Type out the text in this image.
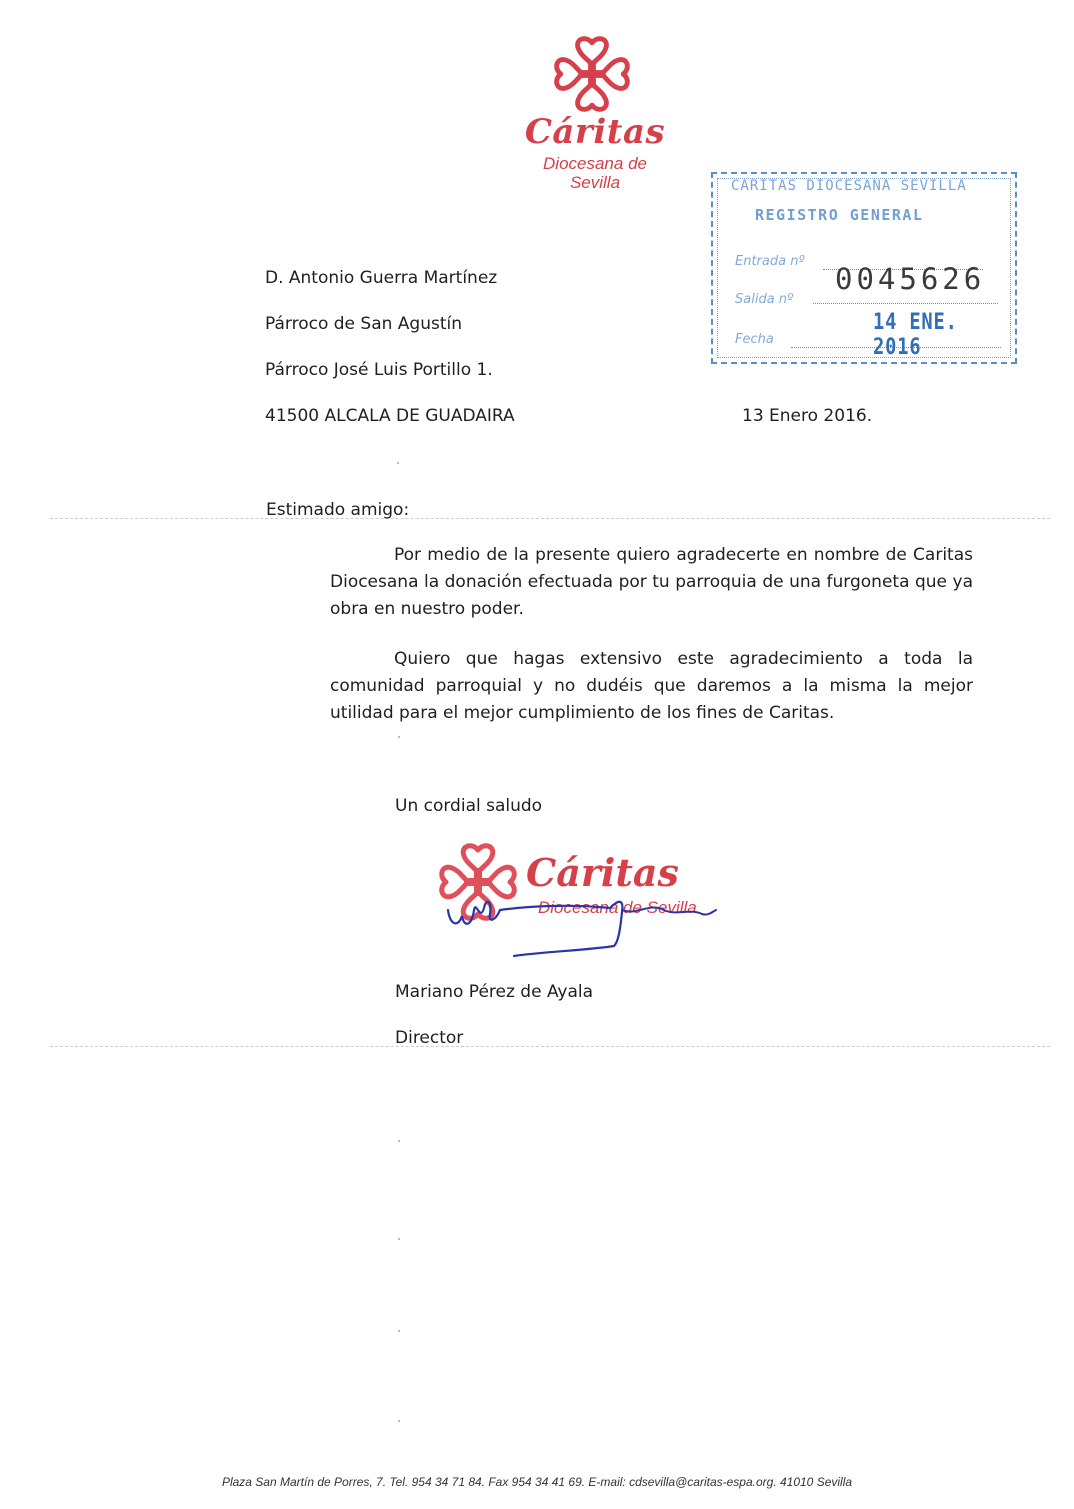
Cáritas
Diocesana de
Sevilla	CARITAS DIOCESANA SEVILLA
REGISTRO GENERAL
Entrada nº
Salida nº
0045626
Fecha
14 ENE. 2016
D. Antonio Guerra Martínez
Párroco de San Agustín
Párroco José Luis Portillo 1.
41500 ALCALA DE GUADAIRA	13 Enero 2016.
Estimado amigo:
Por medio de la presente quiero agradecerte en nombre de Caritas Diocesana la donación efectuada por tu parroquia de una furgoneta que ya obra en nuestro poder.
Quiero que hagas extensivo este agradecimiento a toda la comunidad parroquial y no dudéis que daremos a la misma la mejor utilidad para el mejor cumplimiento de los fines de Caritas.
Un cordial saludo
Cáritas
Diocesana de Sevilla
Mariano Pérez de Ayala
Director
Plaza San Martín de Porres, 7. Tel. 954 34 71 84. Fax 954 34 41 69. E-mail: cdsevilla@caritas-espa.org. 41010 Sevilla
